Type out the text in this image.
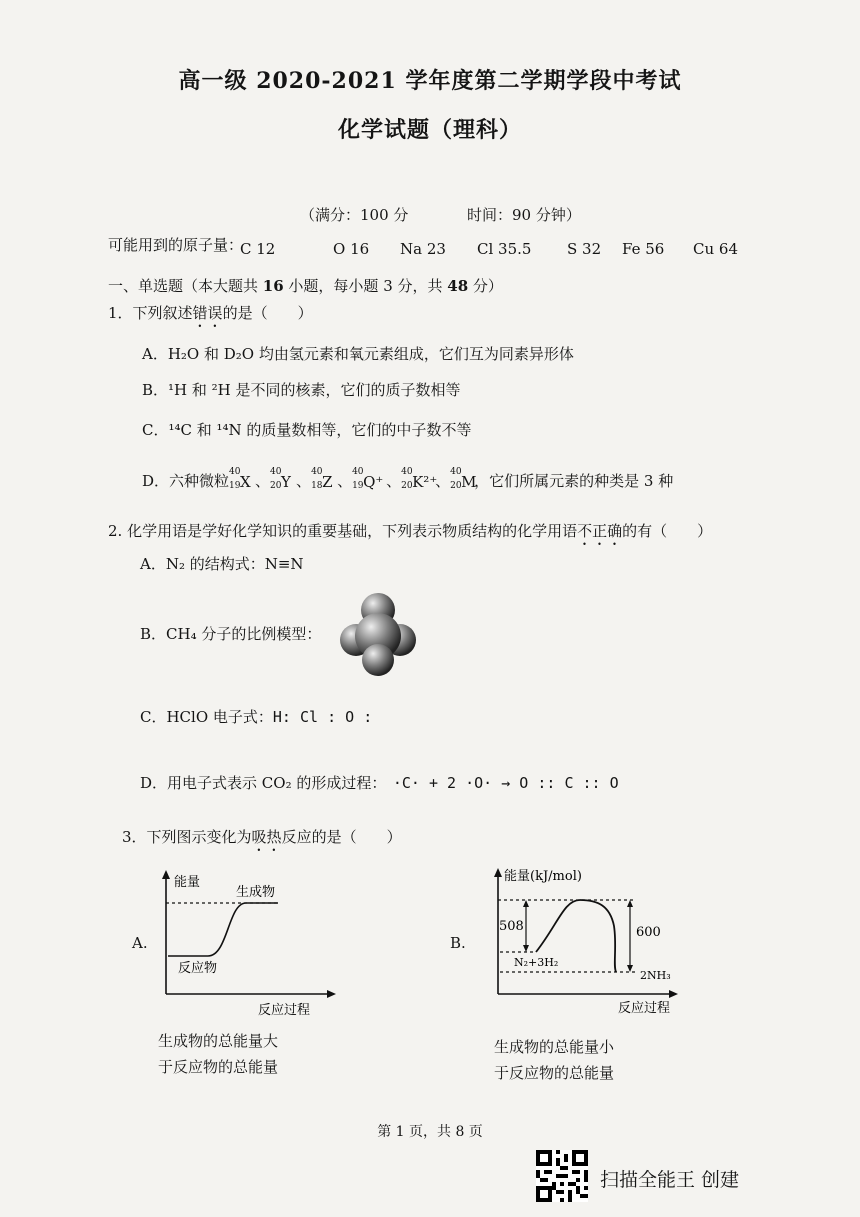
高一级 2020-2021 学年度第二学期学段中考试
化学试题（理科）
（满分：100 分	时间：90 分钟）
可能用到的原子量：
C 12	O 16 Na 23 Cl 35.5 S 32 Fe 56 Cu 64
一、单选题（本大题共 16 小题，每小题 3 分，共 48 分）
1．下列叙述错误的是（　　）
A．H₂O 和 D₂O 均由氢元素和氧元素组成，它们互为同素异形体
B．¹H 和 ²H 是不同的核素，它们的质子数相等
C．¹⁴C 和 ¹⁴N 的质量数相等，它们的中子数不等
D．六种微粒 40
19 X 、 40
20 Y 、 40
18 Z 、 40
19 Q⁺ 、 40
20 K²⁺
、 40
20 M
，它们所属元素的种类是 3 种
2. 化学用语是学好化学知识的重要基础，下列表示物质结构的化学用语不正确的有（　　）
A．N₂ 的结构式：N≡N
B．CH₄ 分子的比例模型：
C．HClO 电子式：H: Cl : O :
D．用电子式表示 CO₂ 的形成过程： ·C· + 2 ·O· → O :: C :: O
3．下列图示变化为吸热反应的是（　　）
A.
能量
生成物
反应物
反应过程
生成物的总能量大
于反应物的总能量
B.
能量(kJ/mol)
508	600
N₂+3H₂
2NH₃
反应过程
生成物的总能量小
于反应物的总能量
第 1 页，共 8 页
扫描全能王 创建
